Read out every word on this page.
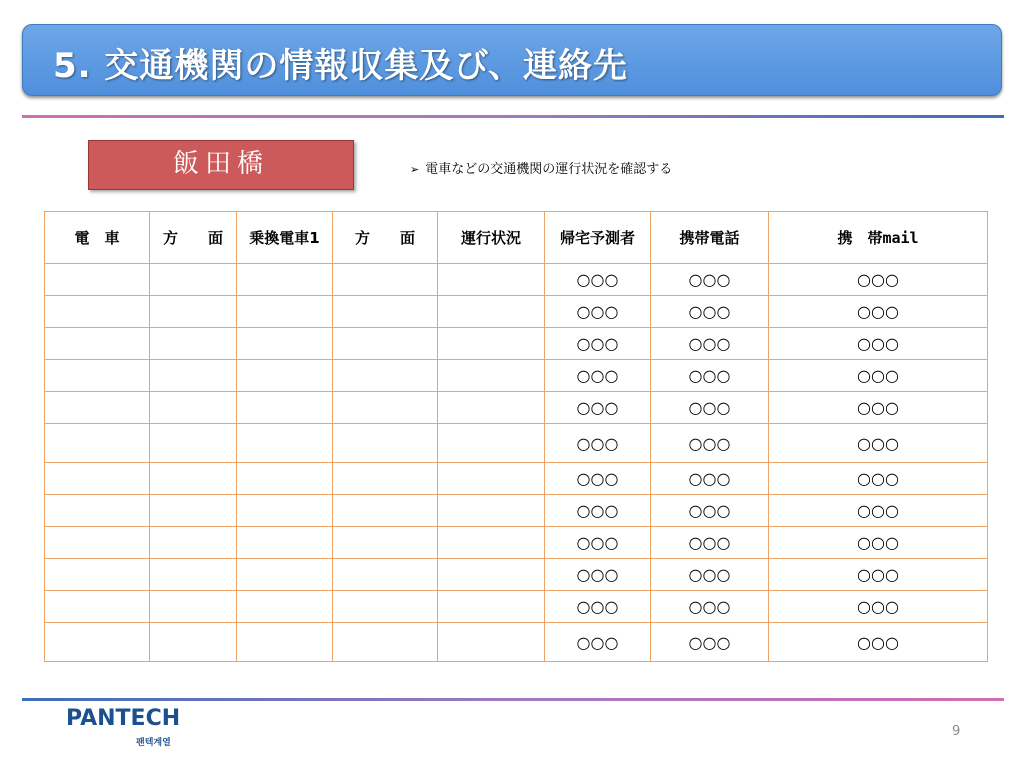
5. 交通機関の情報収集及び、連絡先
飯田橋	➢ 電車などの交通機関の運行状況を確認する
電　車	方　　面	乗換電車1	方　　面	運行状況	帰宅予測者	携帯電話	携　帯mail
					○○○	○○○	○○○
					○○○	○○○	○○○
					○○○	○○○	○○○
					○○○	○○○	○○○
					○○○	○○○	○○○
					○○○	○○○	○○○
					○○○	○○○	○○○
					○○○	○○○	○○○
					○○○	○○○	○○○
					○○○	○○○	○○○
					○○○	○○○	○○○
					○○○	○○○	○○○
PANTECH
팬텍계열
9
